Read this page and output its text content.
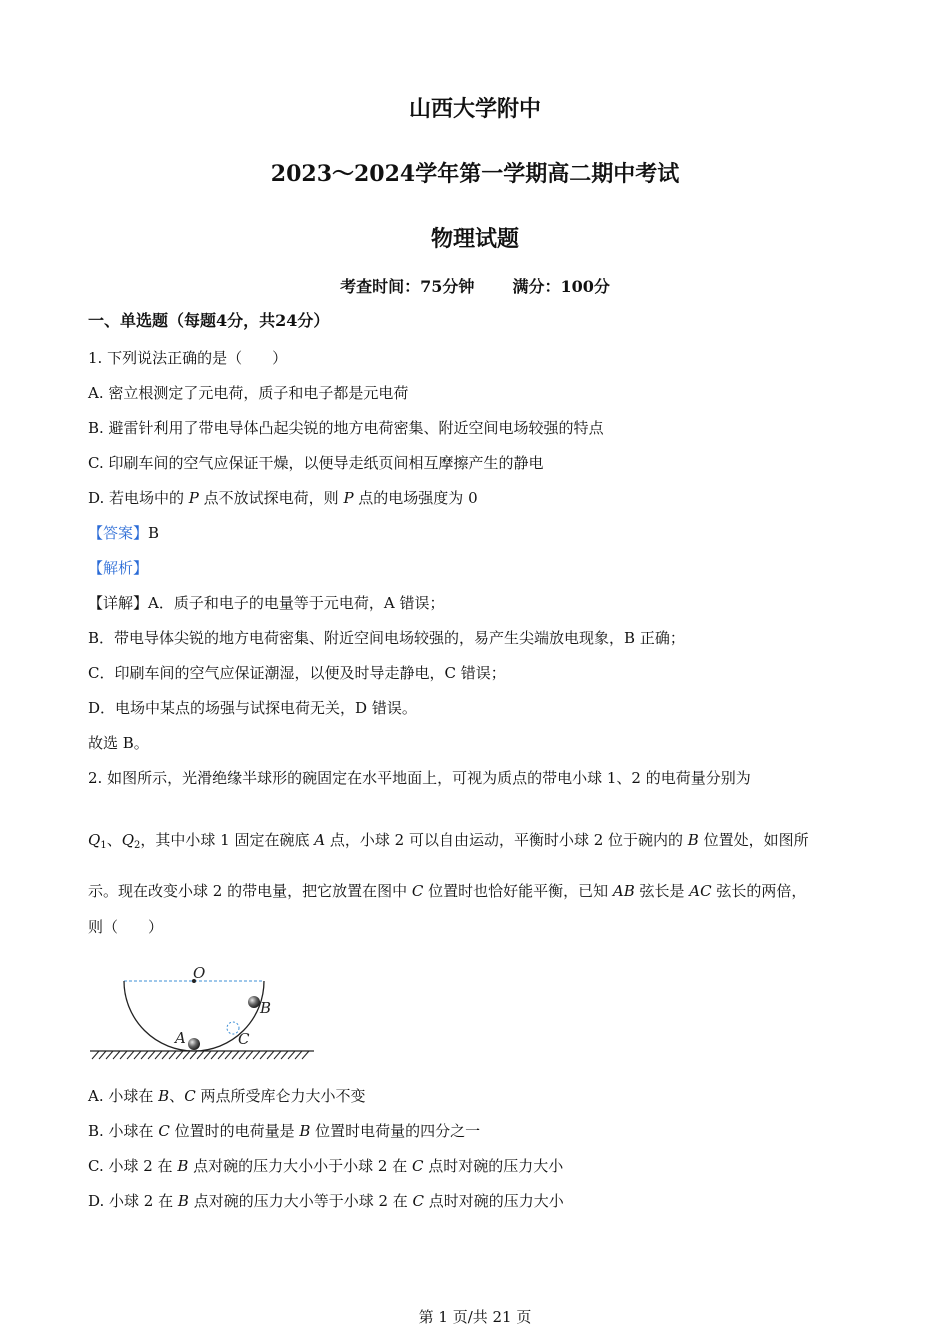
山西大学附中
2023～2024学年第一学期高二期中考试
物理试题
考查时间：75分钟 满分：100分
一、单选题（每题4分，共24分）
1. 下列说法正确的是（　　）
A. 密立根测定了元电荷，质子和电子都是元电荷
B. 避雷针利用了带电导体凸起尖锐的地方电荷密集、附近空间电场较强的特点
C. 印刷车间的空气应保证干燥，以便导走纸页间相互摩擦产生的静电
D. 若电场中的 P 点不放试探电荷，则 P 点的电场强度为 0
【答案】B
【解析】
【详解】A．质子和电子的电量等于元电荷，A 错误；
B．带电导体尖锐的地方电荷密集、附近空间电场较强的，易产生尖端放电现象，B 正确；
C．印刷车间的空气应保证潮湿，以便及时导走静电，C 错误；
D．电场中某点的场强与试探电荷无关，D 错误。
故选 B。
2. 如图所示，光滑绝缘半球形的碗固定在水平地面上，可视为质点的带电小球 1、2 的电荷量分别为
$Q_1$、$Q_2$，其中小球 1 固定在碗底 A 点，小球 2 可以自由运动，平衡时小球 2 位于碗内的 B 位置处，如图所
示。现在改变小球 2 的带电量，把它放置在图中 C 位置时也恰好能平衡，已知 AB 弦长是 AC 弦长的两倍，
则（　　）
O
A
B
C
A. 小球在 B、C 两点所受库仑力大小不变
B. 小球在 C 位置时的电荷量是 B 位置时电荷量的四分之一
C. 小球 2 在 B 点对碗的压力大小小于小球 2 在 C 点时对碗的压力大小
D. 小球 2 在 B 点对碗的压力大小等于小球 2 在 C 点时对碗的压力大小
第 1 页/共 21 页
